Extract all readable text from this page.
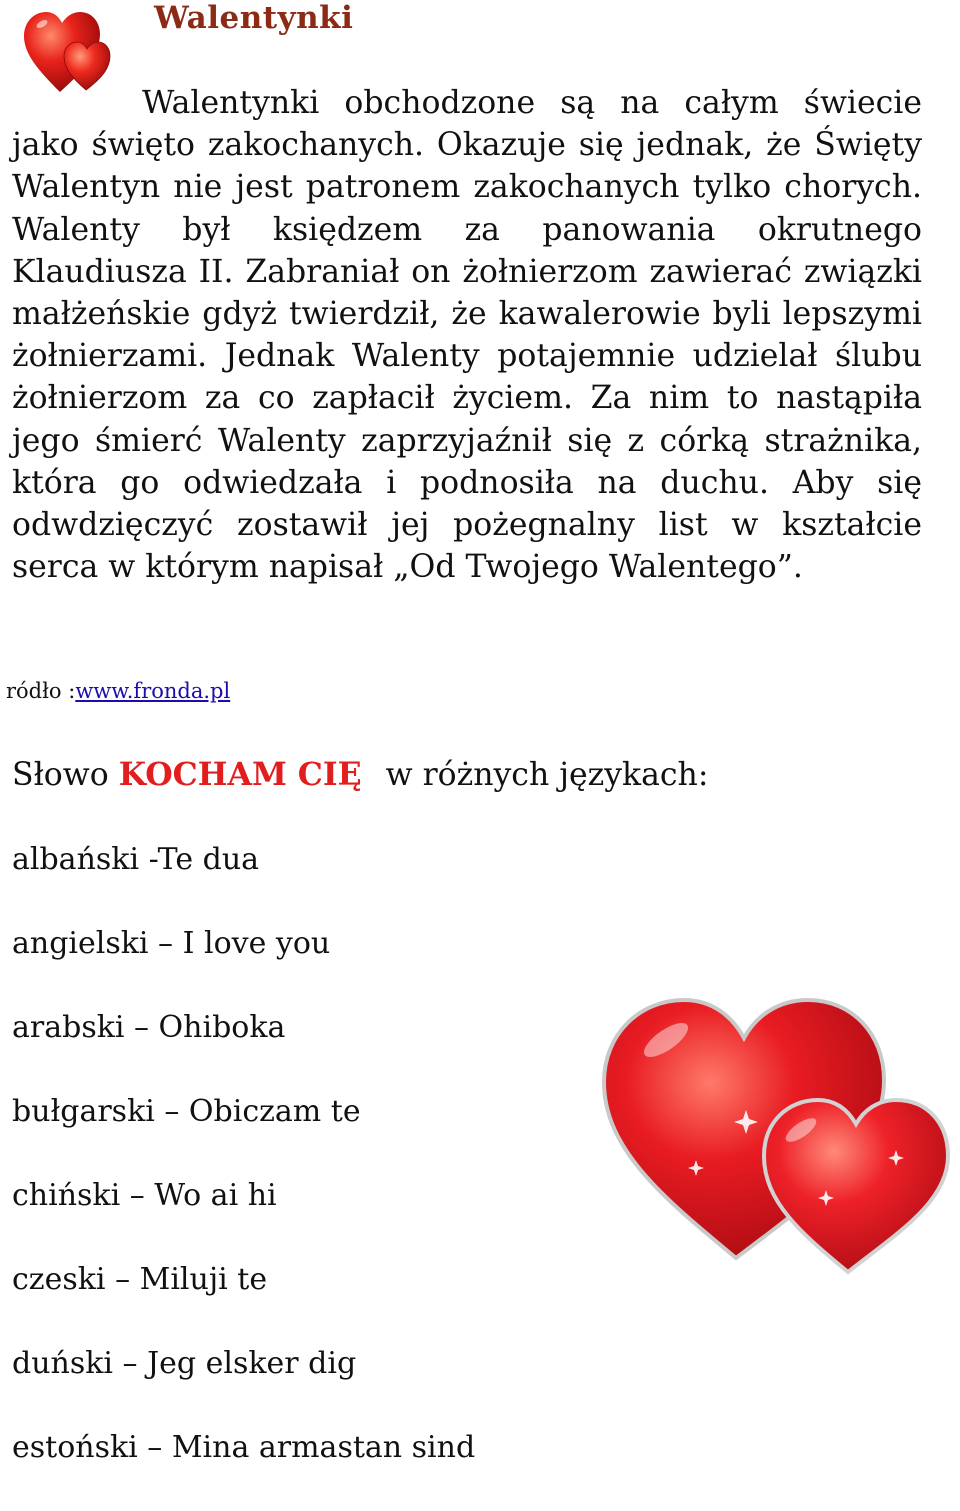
Walentynki

Walentynki obchodzone są na całym świecie jako święto zakochanych. Okazuje się jednak, że Święty Walentyn nie jest patronem zakochanych tylko chorych. Walenty był księdzem za panowania okrutnego Klaudiusza II. Zabraniał on żołnierzom zawierać związki małżeńskie gdyż twierdził, że kawalerowie byli lepszymi żołnierzami. Jednak Walenty potajemnie udzielał ślubu żołnierzom za co zapłacił życiem. Za nim to nastąpiła jego śmierć Walenty zaprzyjaźnił się z córką strażnika, która go odwiedzała i podnosiła na duchu. Aby się odwdzięczyć zostawił jej pożegnalny list w kształcie serca w którym napisał „Od Twojego Walentego”.

ródło :www.fronda.pl
Słowo KOCHAM CIĘ w różnych językach:
albański -Te dua
angielski – I love you
arabski – Ohiboka
bułgarski – Obiczam te
chiński – Wo ai hi
czeski – Miluji te
duński – Jeg elsker dig
estoński – Mina armastan sind
